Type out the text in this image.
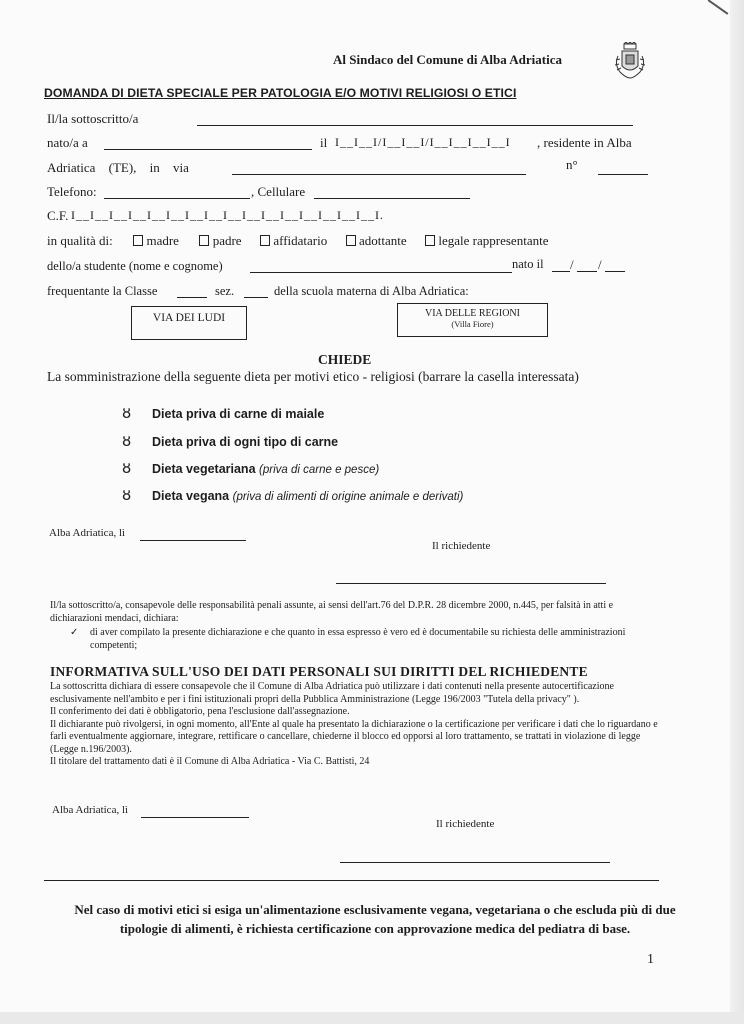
Al Sindaco del Comune di Alba Adriatica
DOMANDA DI DIETA SPECIALE PER PATOLOGIA E/O MOTIVI RELIGIOSI O ETICI
Il/la sottoscritto/a
nato/a a	il I__I__I/I__I__I/I__I__I__I__I , residente in Alba
Adriatica (TE), in via	n°
Telefono:	, Cellulare
C.F. I__I__I__I__I__I__I__I__I__I__I__I__I__I__I__I__I.
in qualità di:	madre	padre affidatario adottante legale rappresentante
dello/a studente (nome e cognome)	nato il / /
frequentante la Classe	sez.	della scuola materna di Alba Adriatica:
VIA DEI LUDI	VIA DELLE REGIONI
(Villa Fiore)
CHIEDE
La somministrazione della seguente dieta per motivi etico - religiosi (barrare la casella interessata)
ȣ Dieta priva di carne di maiale
ȣ Dieta priva di ogni tipo di carne
ȣ Dieta vegetariana (priva di carne e pesce)
ȣ Dieta vegana (priva di alimenti di origine animale e derivati)
Alba Adriatica, lì
Il richiedente
Il/la sottoscritto/a, consapevole delle responsabilità penali assunte, ai sensi dell'art.76 del D.P.R. 28 dicembre 2000, n.445, per falsità in atti e dichiarazioni mendaci, dichiara:
✓	di aver compilato la presente dichiarazione e che quanto in essa espresso è vero ed è documentabile su richiesta delle amministrazioni competenti;
INFORMATIVA SULL'USO DEI DATI PERSONALI SUI DIRITTI DEL RICHIEDENTE

La sottoscritta dichiara di essere consapevole che il Comune di Alba Adriatica può utilizzare i dati contenuti nella presente autocertificazione esclusivamente nell'ambito e per i fini istituzionali propri della Pubblica Amministrazione (Legge 196/2003 "Tutela della privacy" ).

Il conferimento dei dati è obbligatorio, pena l'esclusione dall'assegnazione.

Il dichiarante può rivolgersi, in ogni momento, all'Ente al quale ha presentato la dichiarazione o la certificazione per verificare i dati che lo riguardano e farli eventualmente aggiornare, integrare, rettificare o cancellare, chiederne il blocco ed opporsi al loro trattamento, se trattati in violazione di legge (Legge n.196/2003).

Il titolare del trattamento dati è il Comune di Alba Adriatica - Via C. Battisti, 24

Alba Adriatica, lì
Il richiedente
Nel caso di motivi etici si esiga un'alimentazione esclusivamente vegana, vegetariana o che escluda più di due tipologie di alimenti, è richiesta certificazione con approvazione medica del pediatra di base.
1
